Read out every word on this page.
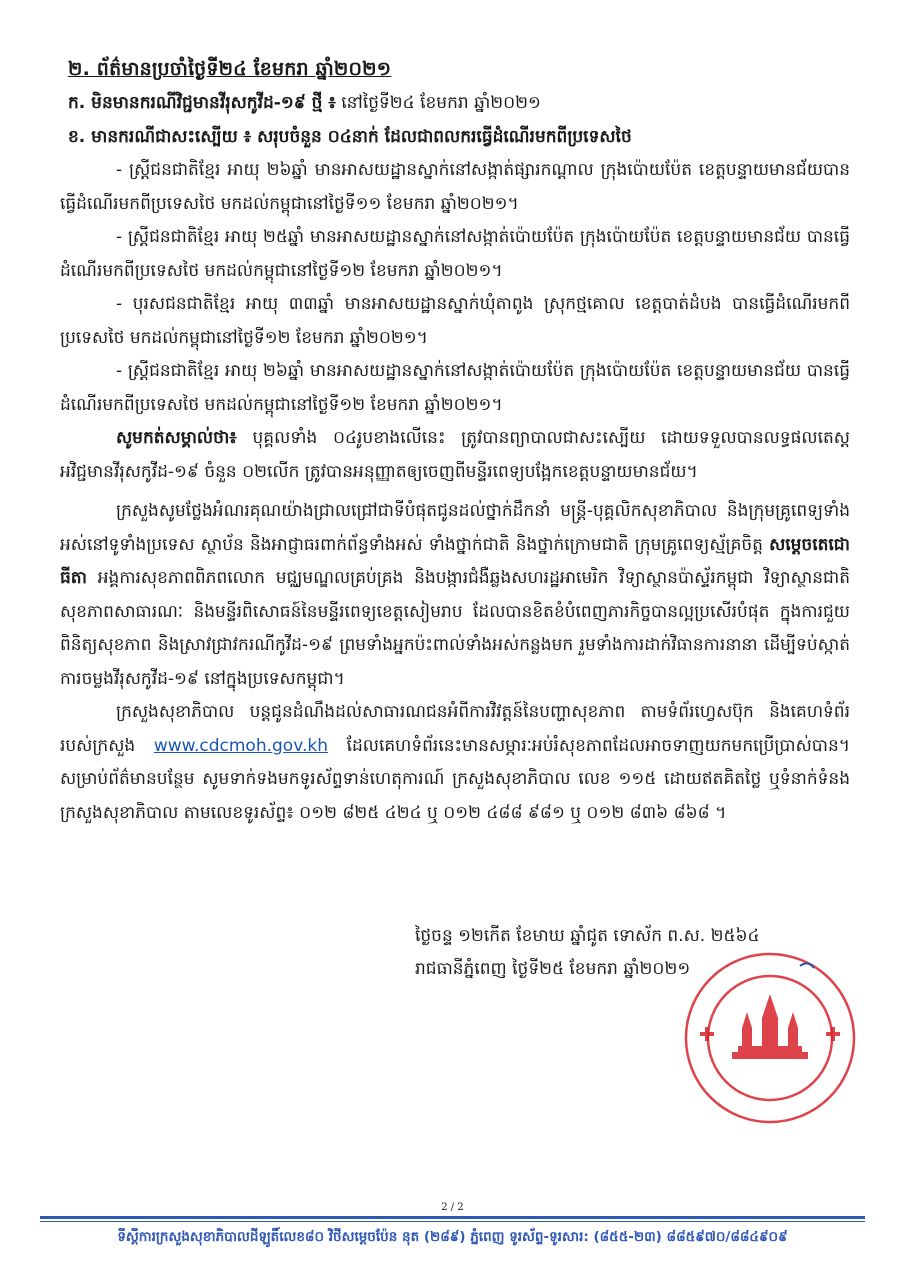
២. ព័ត៌មានប្រចាំថ្ងៃទី២៤ ខែមករា ឆ្នាំ២០២១
ក. មិនមានករណីវិជ្ជមានវីរុសកូវីដ-១៩ ថ្មី ៖ នៅថ្ងៃទី២៤ ខែមករា ឆ្នាំ២០២១
ខ. មានករណីជាសះស្បើយ ៖ សរុបចំនួន ០៤នាក់ ដែលជាពលករធ្វើដំណើរមកពីប្រទេសថៃ

- ស្ត្រីជនជាតិខ្មែរ អាយុ ២៦ឆ្នាំ មានអាសយដ្ឋានស្នាក់នៅសង្កាត់ផ្សារកណ្តាល ក្រុងប៉ោយប៉ែត ខេត្តបន្ទាយមានជ័យបានធ្វើដំណើរមកពីប្រទេសថៃ មកដល់កម្ពុជានៅថ្ងៃទី១១ ខែមករា ឆ្នាំ២០២១។

- ស្ត្រីជនជាតិខ្មែរ អាយុ ២៥ឆ្នាំ មានអាសយដ្ឋានស្នាក់នៅសង្កាត់ប៉ោយប៉ែត ក្រុងប៉ោយប៉ែត ខេត្តបន្ទាយមានជ័យ បានធ្វើដំណើរមកពីប្រទេសថៃ មកដល់កម្ពុជានៅថ្ងៃទី១២ ខែមករា ឆ្នាំ២០២១។

- បុរសជនជាតិខ្មែរ អាយុ ៣៣ឆ្នាំ មានអាសយដ្ឋានស្នាក់ឃុំតាពូង ស្រុកថ្មគោល ខេត្តបាត់ដំបង បានធ្វើដំណើរមកពីប្រទេសថៃ មកដល់កម្ពុជានៅថ្ងៃទី១២ ខែមករា ឆ្នាំ២០២១។

- ស្ត្រីជនជាតិខ្មែរ អាយុ ២៦ឆ្នាំ មានអាសយដ្ឋានស្នាក់នៅសង្កាត់ប៉ោយប៉ែត ក្រុងប៉ោយប៉ែត ខេត្តបន្ទាយមានជ័យ បានធ្វើដំណើរមកពីប្រទេសថៃ មកដល់កម្ពុជានៅថ្ងៃទី១២ ខែមករា ឆ្នាំ២០២១។

សូមកត់សម្គាល់ថា៖ បុគ្គលទាំង ០៤រូបខាងលើនេះ ត្រូវបានព្យាបាលជាសះស្បើយ ដោយទទួលបានលទ្ធផលតេស្ត អវិជ្ជមានវីរុសកូវីដ-១៩ ចំនួន ០២លើក ត្រូវបានអនុញ្ញាតឲ្យចេញពីមន្ទីរពេទ្យបង្អែកខេត្តបន្ទាយមានជ័យ។

ក្រសួងសូមថ្លែងអំណរគុណយ៉ាងជ្រាលជ្រៅជាទីបំផុតជូនដល់ថ្នាក់ដឹកនាំ មន្ត្រី-បុគ្គលិកសុខាភិបាល និងក្រុមគ្រូពេទ្យទាំងអស់នៅទូទាំងប្រទេស ស្ថាប័ន និងអាជ្ញាធរពាក់ព័ន្ធទាំងអស់ ទាំងថ្នាក់ជាតិ និងថ្នាក់ក្រោមជាតិ ក្រុមគ្រូពេទ្យស្ម័គ្រចិត្ត សម្តេចតេជោ ធីតា អង្គការសុខភាពពិភពលោក មជ្ឈមណ្ឌលគ្រប់គ្រង និងបង្ការជំងឺឆ្លងសហរដ្ឋអាមេរិក វិទ្យាស្ថានប៉ាស្ទ័រកម្ពុជា វិទ្យាស្ថានជាតិសុខភាពសាធារណៈ និងមន្ទីរពិសោធន៍នៃមន្ទីរពេទ្យខេត្តសៀមរាប ដែលបានខិតខំបំពេញភារកិច្ចបានល្អប្រសើរបំផុត ក្នុងការជួយពិនិត្យសុខភាព និងស្រាវជ្រាវករណីកូវីដ-១៩ ព្រមទាំងអ្នកប៉ះពាល់ទាំងអស់កន្លងមក រួមទាំងការដាក់វិធានការនានា ដើម្បីទប់ស្កាត់ការចម្លងវីរុសកូវីដ-១៩ នៅក្នុងប្រទេសកម្ពុជា។

ក្រសួងសុខាភិបាល បន្តជូនដំណឹងដល់សាធារណជនអំពីការវិវត្តន៍នៃបញ្ហាសុខភាព តាមទំព័រហ្វេសប៊ុក និងគេហទំព័ររបស់ក្រសួង www.cdcmoh.gov.kh ដែលគេហទំព័រនេះមានសម្ភារៈអប់រំសុខភាពដែលអាចទាញយកមកប្រើប្រាស់បាន។ សម្រាប់ព័ត៌មានបន្ថែម សូមទាក់ទងមកទូរស័ព្ទទាន់ហេតុការណ៍ ក្រសួងសុខាភិបាល លេខ ១១៥ ដោយឥតគិតថ្លៃ ឬទំនាក់ទំនងក្រសួងសុខាភិបាល តាមលេខទូរស័ព្ទ៖ ០១២ ៨២៥ ៤២៤ ឬ ០១២ ៤៨៨ ៩៨១ ឬ ០១២ ៨៣៦ ៨៦៨ ។

ថ្ងៃចន្ទ ១២កើត ខែមាឃ ឆ្នាំជូត ទោស័ក ព.ស. ២៥៦៤
រាជធានីភ្នំពេញ ថ្ងៃទី២៥ ខែមករា ឆ្នាំ២០២១
2 / 2
ទីស្តីការក្រសួងសុខាភិបាលដីឡូតិ៍លេខ៨០ វិថីសម្តេចប៉ែន នុត (២៨៩) ភ្នំពេញ ទូរស័ព្ទ-ទូរសារ: (៨៥៥-២៣) ៨៨៥៩៧០/៨៨៤៩០៩
